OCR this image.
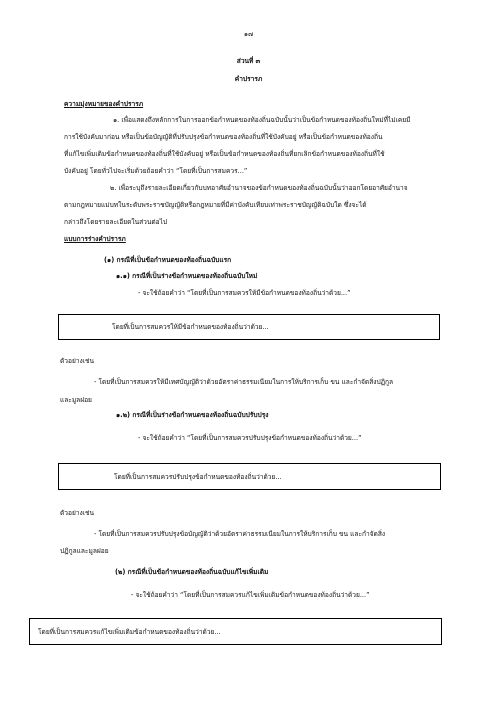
๑๗
ส่วนที่ ๓
คำปรารภ
ความมุ่งหมายของคำปรารภ
๑. เพื่อแสดงถึงหลักการในการออกข้อกำหนดของท้องถิ่นฉบับนั้นว่าเป็นข้อกำหนดของท้องถิ่นใหม่ที่ไม่เคยมี
การใช้บังคับมาก่อน หรือเป็นข้อบัญญัติที่ปรับปรุงข้อกำหนดของท้องถิ่นที่ใช้บังคับอยู่ หรือเป็นข้อกำหนดของท้องถิ่น
ที่แก้ไขเพิ่มเติมข้อกำหนดของท้องถิ่นที่ใช้บังคับอยู่ หรือเป็นข้อกำหนดของท้องถิ่นที่ยกเลิกข้อกำหนดของท้องถิ่นที่ใช้
บังคับอยู่ โดยทั่วไปจะเริ่มด้วยถ้อยคำว่า “โดยที่เป็นการสมควร...”
๒. เพื่อระบุถึงรายละเอียดเกี่ยวกับบทอาศัยอำนาจของข้อกำหนดของท้องถิ่นฉบับนั้นว่าออกโดยอาศัยอำนาจ
ตามกฎหมายแม่บทในระดับพระราชบัญญัติหรือกฎหมายที่มีค่าบังคับเทียบเท่าพระราชบัญญัติฉบับใด ซึ่งจะได้
กล่าวถึงโดยรายละเอียดในส่วนต่อไป
แบบการร่างคำปรารภ
(๑) กรณีที่เป็นข้อกำหนดของท้องถิ่นฉบับแรก
๑.๑) กรณีที่เป็นร่างข้อกำหนดของท้องถิ่นฉบับใหม่
- จะใช้ถ้อยคำว่า “โดยที่เป็นการสมควรให้มีข้อกำหนดของท้องถิ่นว่าด้วย...”
โดยที่เป็นการสมควรให้มีข้อกำหนดของท้องถิ่นว่าด้วย...
ตัวอย่างเช่น
- โดยที่เป็นการสมควรให้มีเทศบัญญัติว่าด้วยอัตราค่าธรรมเนียมในการให้บริการเก็บ ขน และกำจัดสิ่งปฏิกูล
และมูลฝอย
๑.๒) กรณีที่เป็นร่างข้อกำหนดของท้องถิ่นฉบับปรับปรุง
- จะใช้ถ้อยคำว่า “โดยที่เป็นการสมควรปรับปรุงข้อกำหนดของท้องถิ่นว่าด้วย...”
โดยที่เป็นการสมควรปรับปรุงข้อกำหนดของท้องถิ่นว่าด้วย...
ตัวอย่างเช่น
- โดยที่เป็นการสมควรปรับปรุงข้อบัญญัติว่าด้วยอัตราค่าธรรมเนียมในการให้บริการเก็บ ขน และกำจัดสิ่ง
ปฏิกูลและมูลฝอย
(๒) กรณีที่เป็นข้อกำหนดของท้องถิ่นฉบับแก้ไขเพิ่มเติม
- จะใช้ถ้อยคำว่า “โดยที่เป็นการสมควรแก้ไขเพิ่มเติมข้อกำหนดของท้องถิ่นว่าด้วย...”
โดยที่เป็นการสมควรแก้ไขเพิ่มเติมข้อกำหนดของท้องถิ่นว่าด้วย...
